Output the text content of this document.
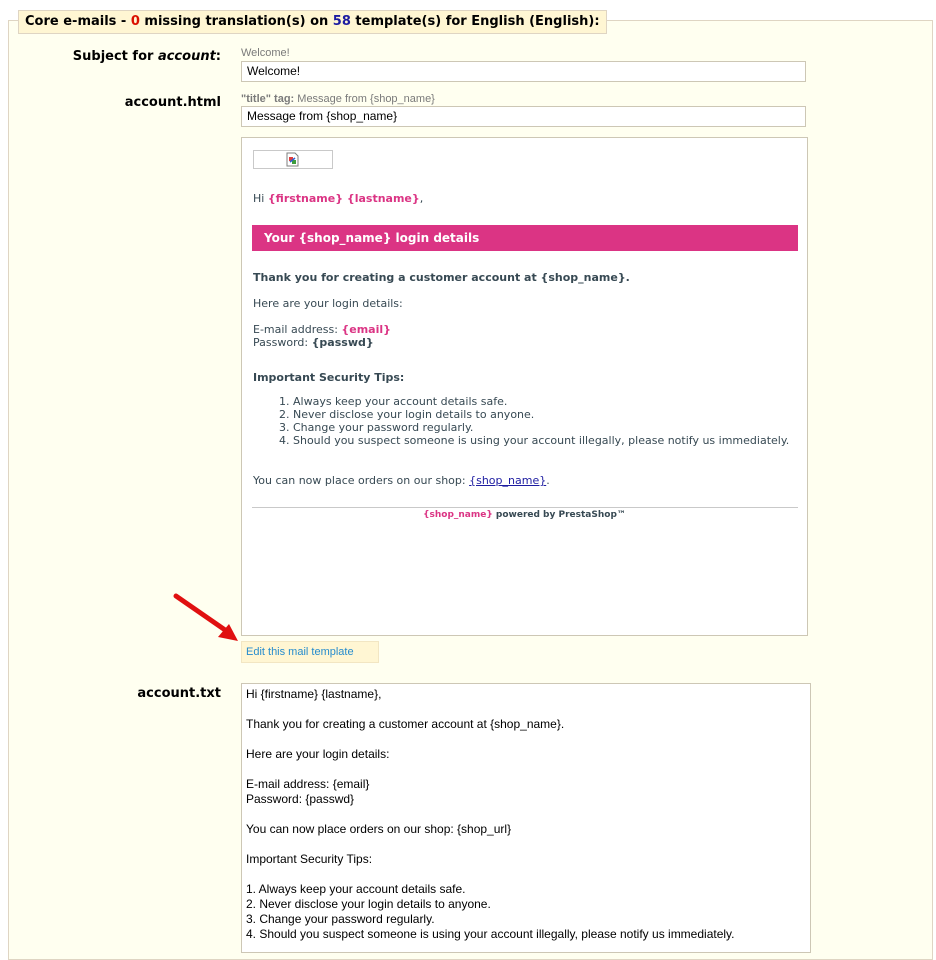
Core e-mails - 0 missing translation(s) on 58 template(s) for English (English):
Subject for account: Welcome!
Welcome!
account.html "title" tag: Message from {shop_name}
Message from {shop_name}
Hi {firstname} {lastname},
Your {shop_name} login details
Thank you for creating a customer account at {shop_name}.
Here are your login details:
E-mail address: {email}
Password: {passwd}
Important Security Tips:
1. Always keep your account details safe.
2. Never disclose your login details to anyone.
3. Change your password regularly.
4. Should you suspect someone is using your account illegally, please notify us immediately.
You can now place orders on our shop: {shop_name}.
{shop_name} powered by PrestaShop™
Edit this mail template
account.txt Hi {firstname} {lastname},
Thank you for creating a customer account at {shop_name}.
Here are your login details:
E-mail address: {email}
Password: {passwd}
You can now place orders on our shop: {shop_url}
Important Security Tips:
1. Always keep your account details safe.
2. Never disclose your login details to anyone.
3. Change your password regularly.
4. Should you suspect someone is using your account illegally, please notify us immediately.
